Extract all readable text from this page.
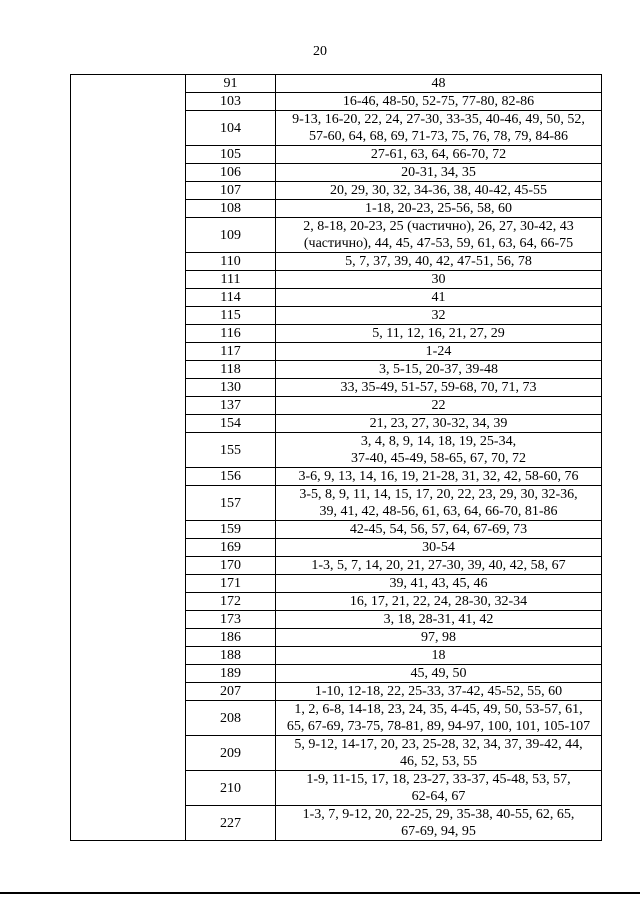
20
	91	48

	103	16-46, 48-50, 52-75, 77-80, 82-86

	104	9-13, 16-20, 22, 24, 27-30, 33-35, 40-46, 49, 50, 52,
57-60, 64, 68, 69, 71-73, 75, 76, 78, 79, 84-86

	105	27-61, 63, 64, 66-70, 72

	106	20-31, 34, 35

	107	20, 29, 30, 32, 34-36, 38, 40-42, 45-55

	108	1-18, 20-23, 25-56, 58, 60

	109	2, 8-18, 20-23, 25 (частично), 26, 27, 30-42, 43
(частично), 44, 45, 47-53, 59, 61, 63, 64, 66-75

	110	5, 7, 37, 39, 40, 42, 47-51, 56, 78

	111	30

	114	41

	115	32

	116	5, 11, 12, 16, 21, 27, 29

	117	1-24

	118	3, 5-15, 20-37, 39-48

	130	33, 35-49, 51-57, 59-68, 70, 71, 73

	137	22

	154	21, 23, 27, 30-32, 34, 39

	155	3, 4, 8, 9, 14, 18, 19, 25-34,
37-40, 45-49, 58-65, 67, 70, 72

	156	3-6, 9, 13, 14, 16, 19, 21-28, 31, 32, 42, 58-60, 76

	157	3-5, 8, 9, 11, 14, 15, 17, 20, 22, 23, 29, 30, 32-36,
39, 41, 42, 48-56, 61, 63, 64, 66-70, 81-86

	159	42-45, 54, 56, 57, 64, 67-69, 73

	169	30-54

	170	1-3, 5, 7, 14, 20, 21, 27-30, 39, 40, 42, 58, 67

	171	39, 41, 43, 45, 46

	172	16, 17, 21, 22, 24, 28-30, 32-34

	173	3, 18, 28-31, 41, 42

	186	97, 98

	188	18

	189	45, 49, 50

	207	1-10, 12-18, 22, 25-33, 37-42, 45-52, 55, 60

	208	1, 2, 6-8, 14-18, 23, 24, 35, 4-45, 49, 50, 53-57, 61,
65, 67-69, 73-75, 78-81, 89, 94-97, 100, 101, 105-107

	209	5, 9-12, 14-17, 20, 23, 25-28, 32, 34, 37, 39-42, 44,
46, 52, 53, 55

	210	1-9, 11-15, 17, 18, 23-27, 33-37, 45-48, 53, 57,
62-64, 67

	227	1-3, 7, 9-12, 20, 22-25, 29, 35-38, 40-55, 62, 65,
67-69, 94, 95
